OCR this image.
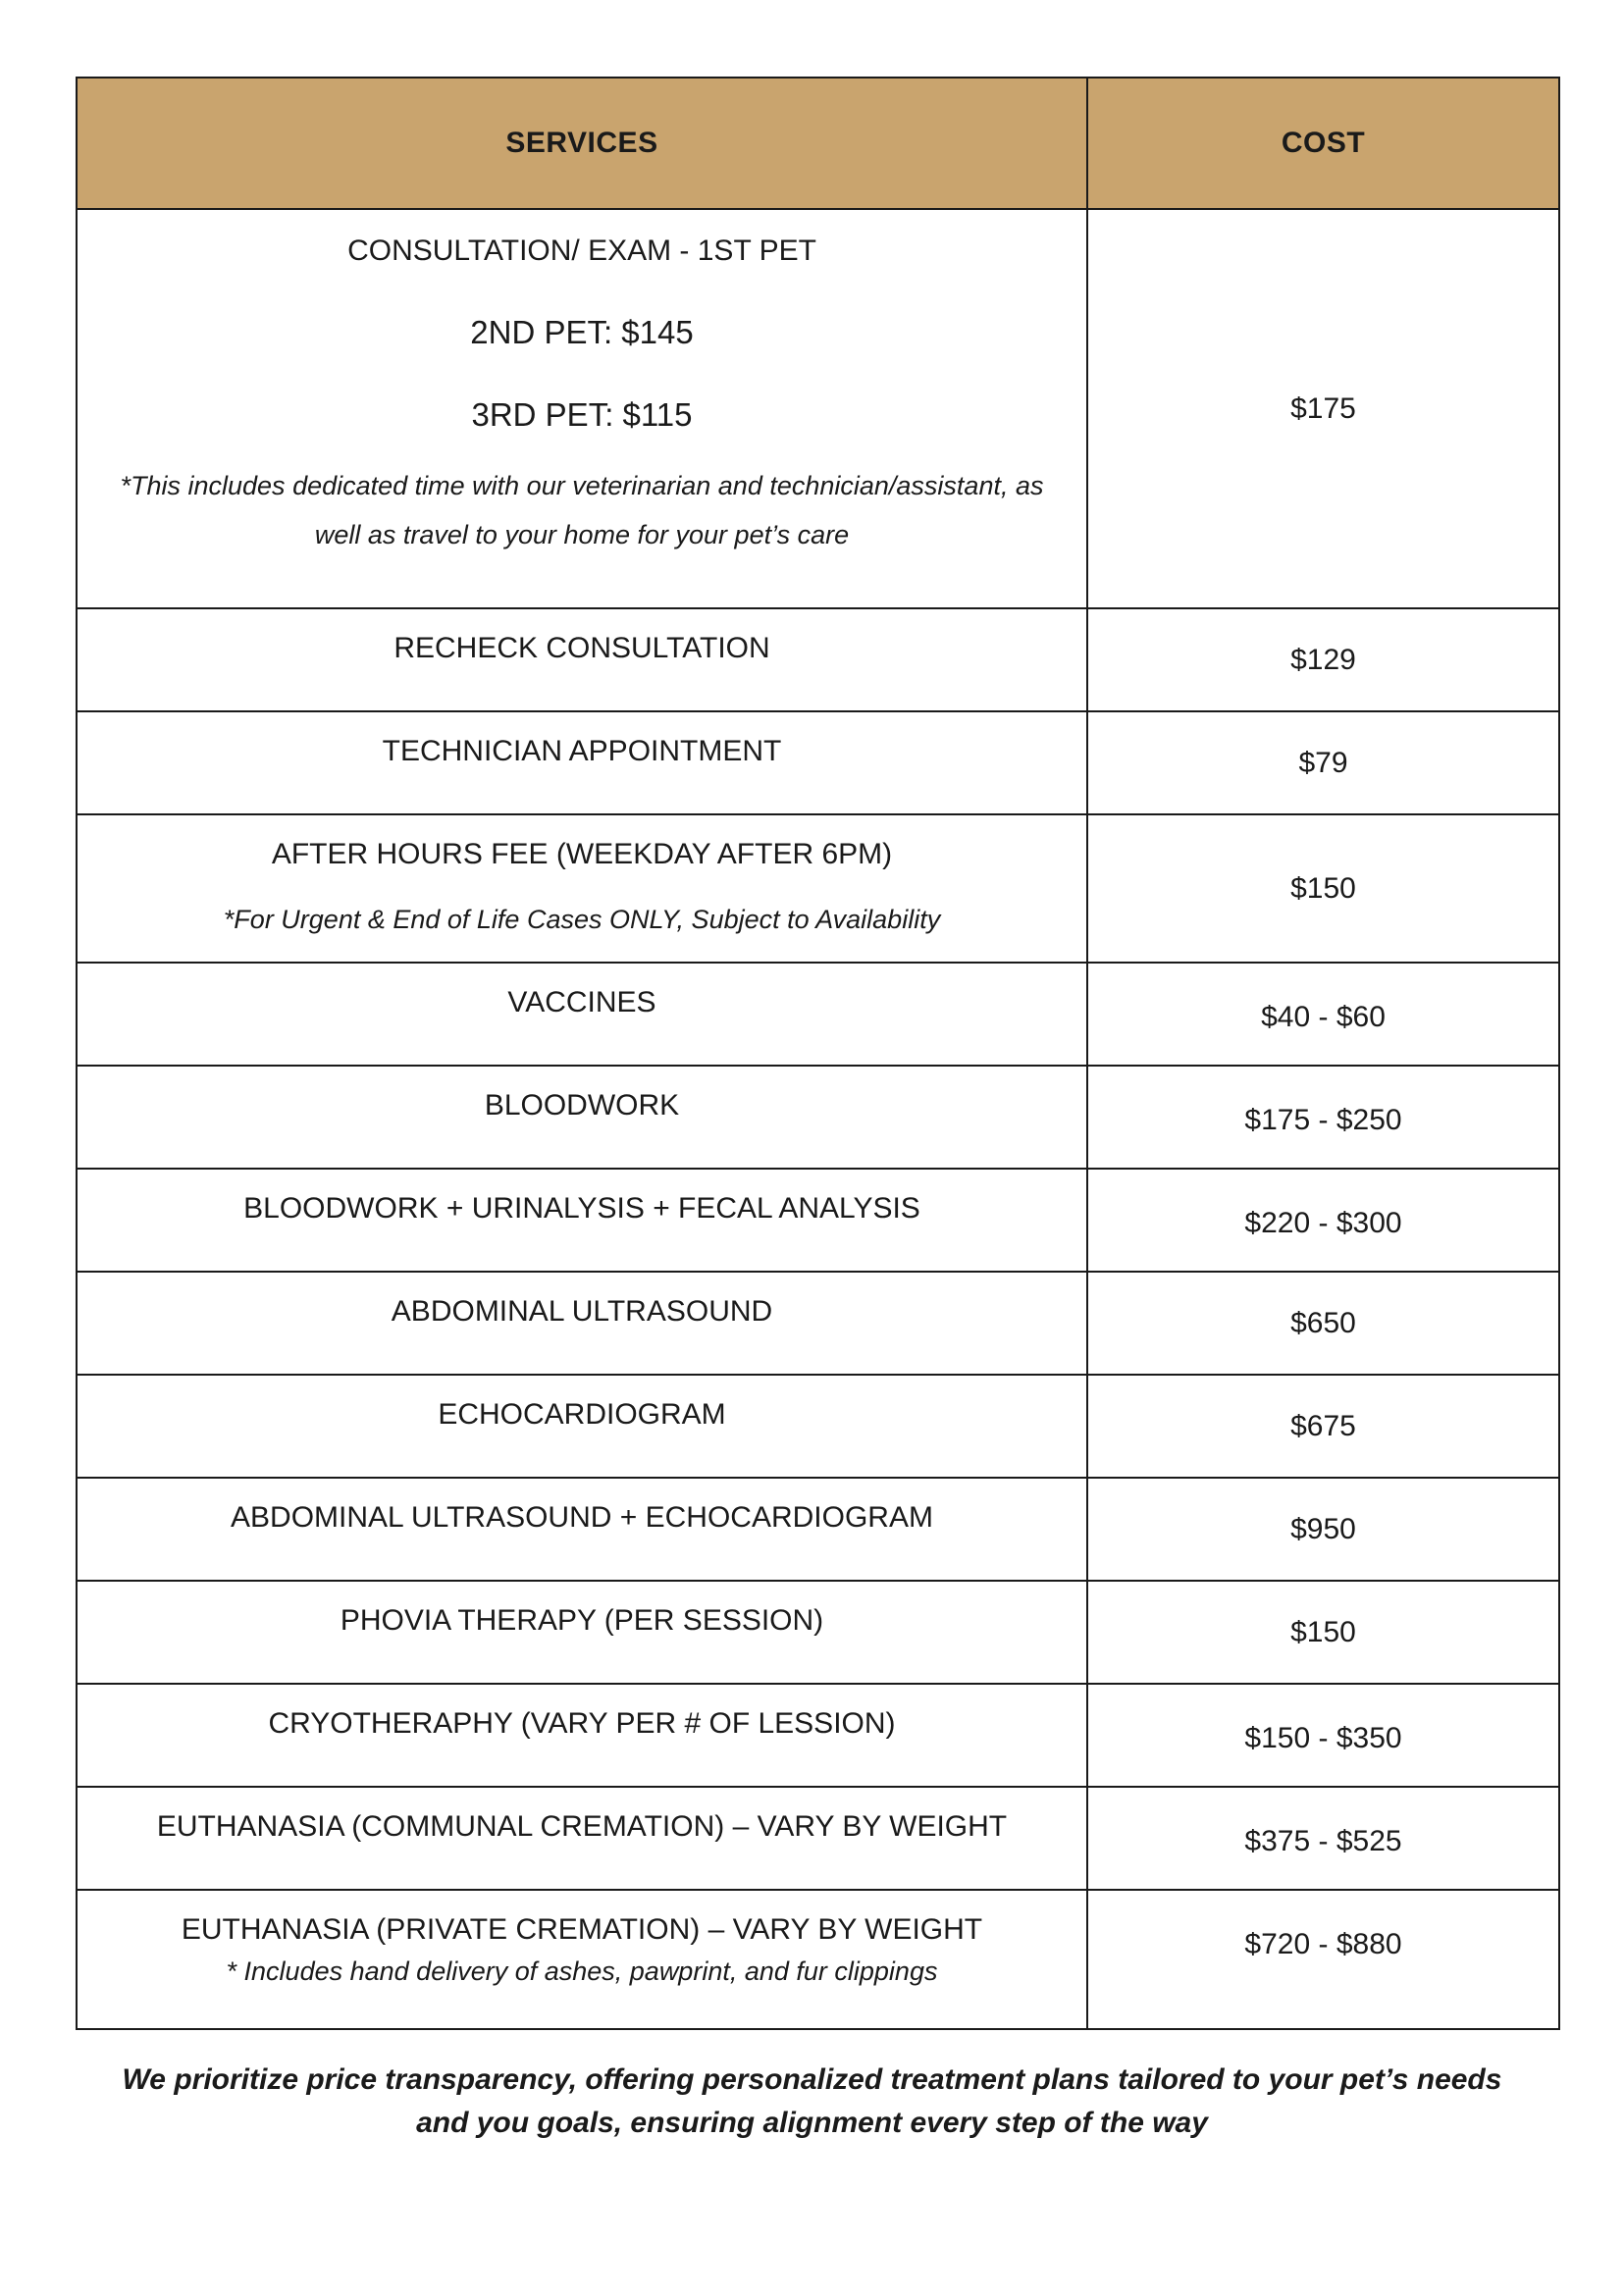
SERVICES	COST

CONSULTATION/ EXAM - 1ST PET
2ND PET: $145
3RD PET: $115
*This includes dedicated time with our veterinarian and technician/assistant, as well as travel to your home for your pet’s care	$175

RECHECK CONSULTATION	$129

TECHNICIAN APPOINTMENT	$79

AFTER HOURS FEE (WEEKDAY AFTER 6PM)
*For Urgent & End of Life Cases ONLY, Subject to Availability	$150

VACCINES	$40 - $60

BLOODWORK	$175 - $250

BLOODWORK + URINALYSIS + FECAL ANALYSIS	$220 - $300

ABDOMINAL ULTRASOUND	$650

ECHOCARDIOGRAM	$675

ABDOMINAL ULTRASOUND + ECHOCARDIOGRAM	$950

PHOVIA THERAPY (PER SESSION)	$150

CRYOTHERAPHY (VARY PER # OF LESSION)	$150 - $350

EUTHANASIA (COMMUNAL CREMATION) – VARY BY WEIGHT	$375 - $525

EUTHANASIA (PRIVATE CREMATION) – VARY BY WEIGHT
* Includes hand delivery of ashes, pawprint, and fur clippings	$720 - $880
We prioritize price transparency, offering personalized treatment plans tailored to your pet’s needs
and you goals, ensuring alignment every step of the way
